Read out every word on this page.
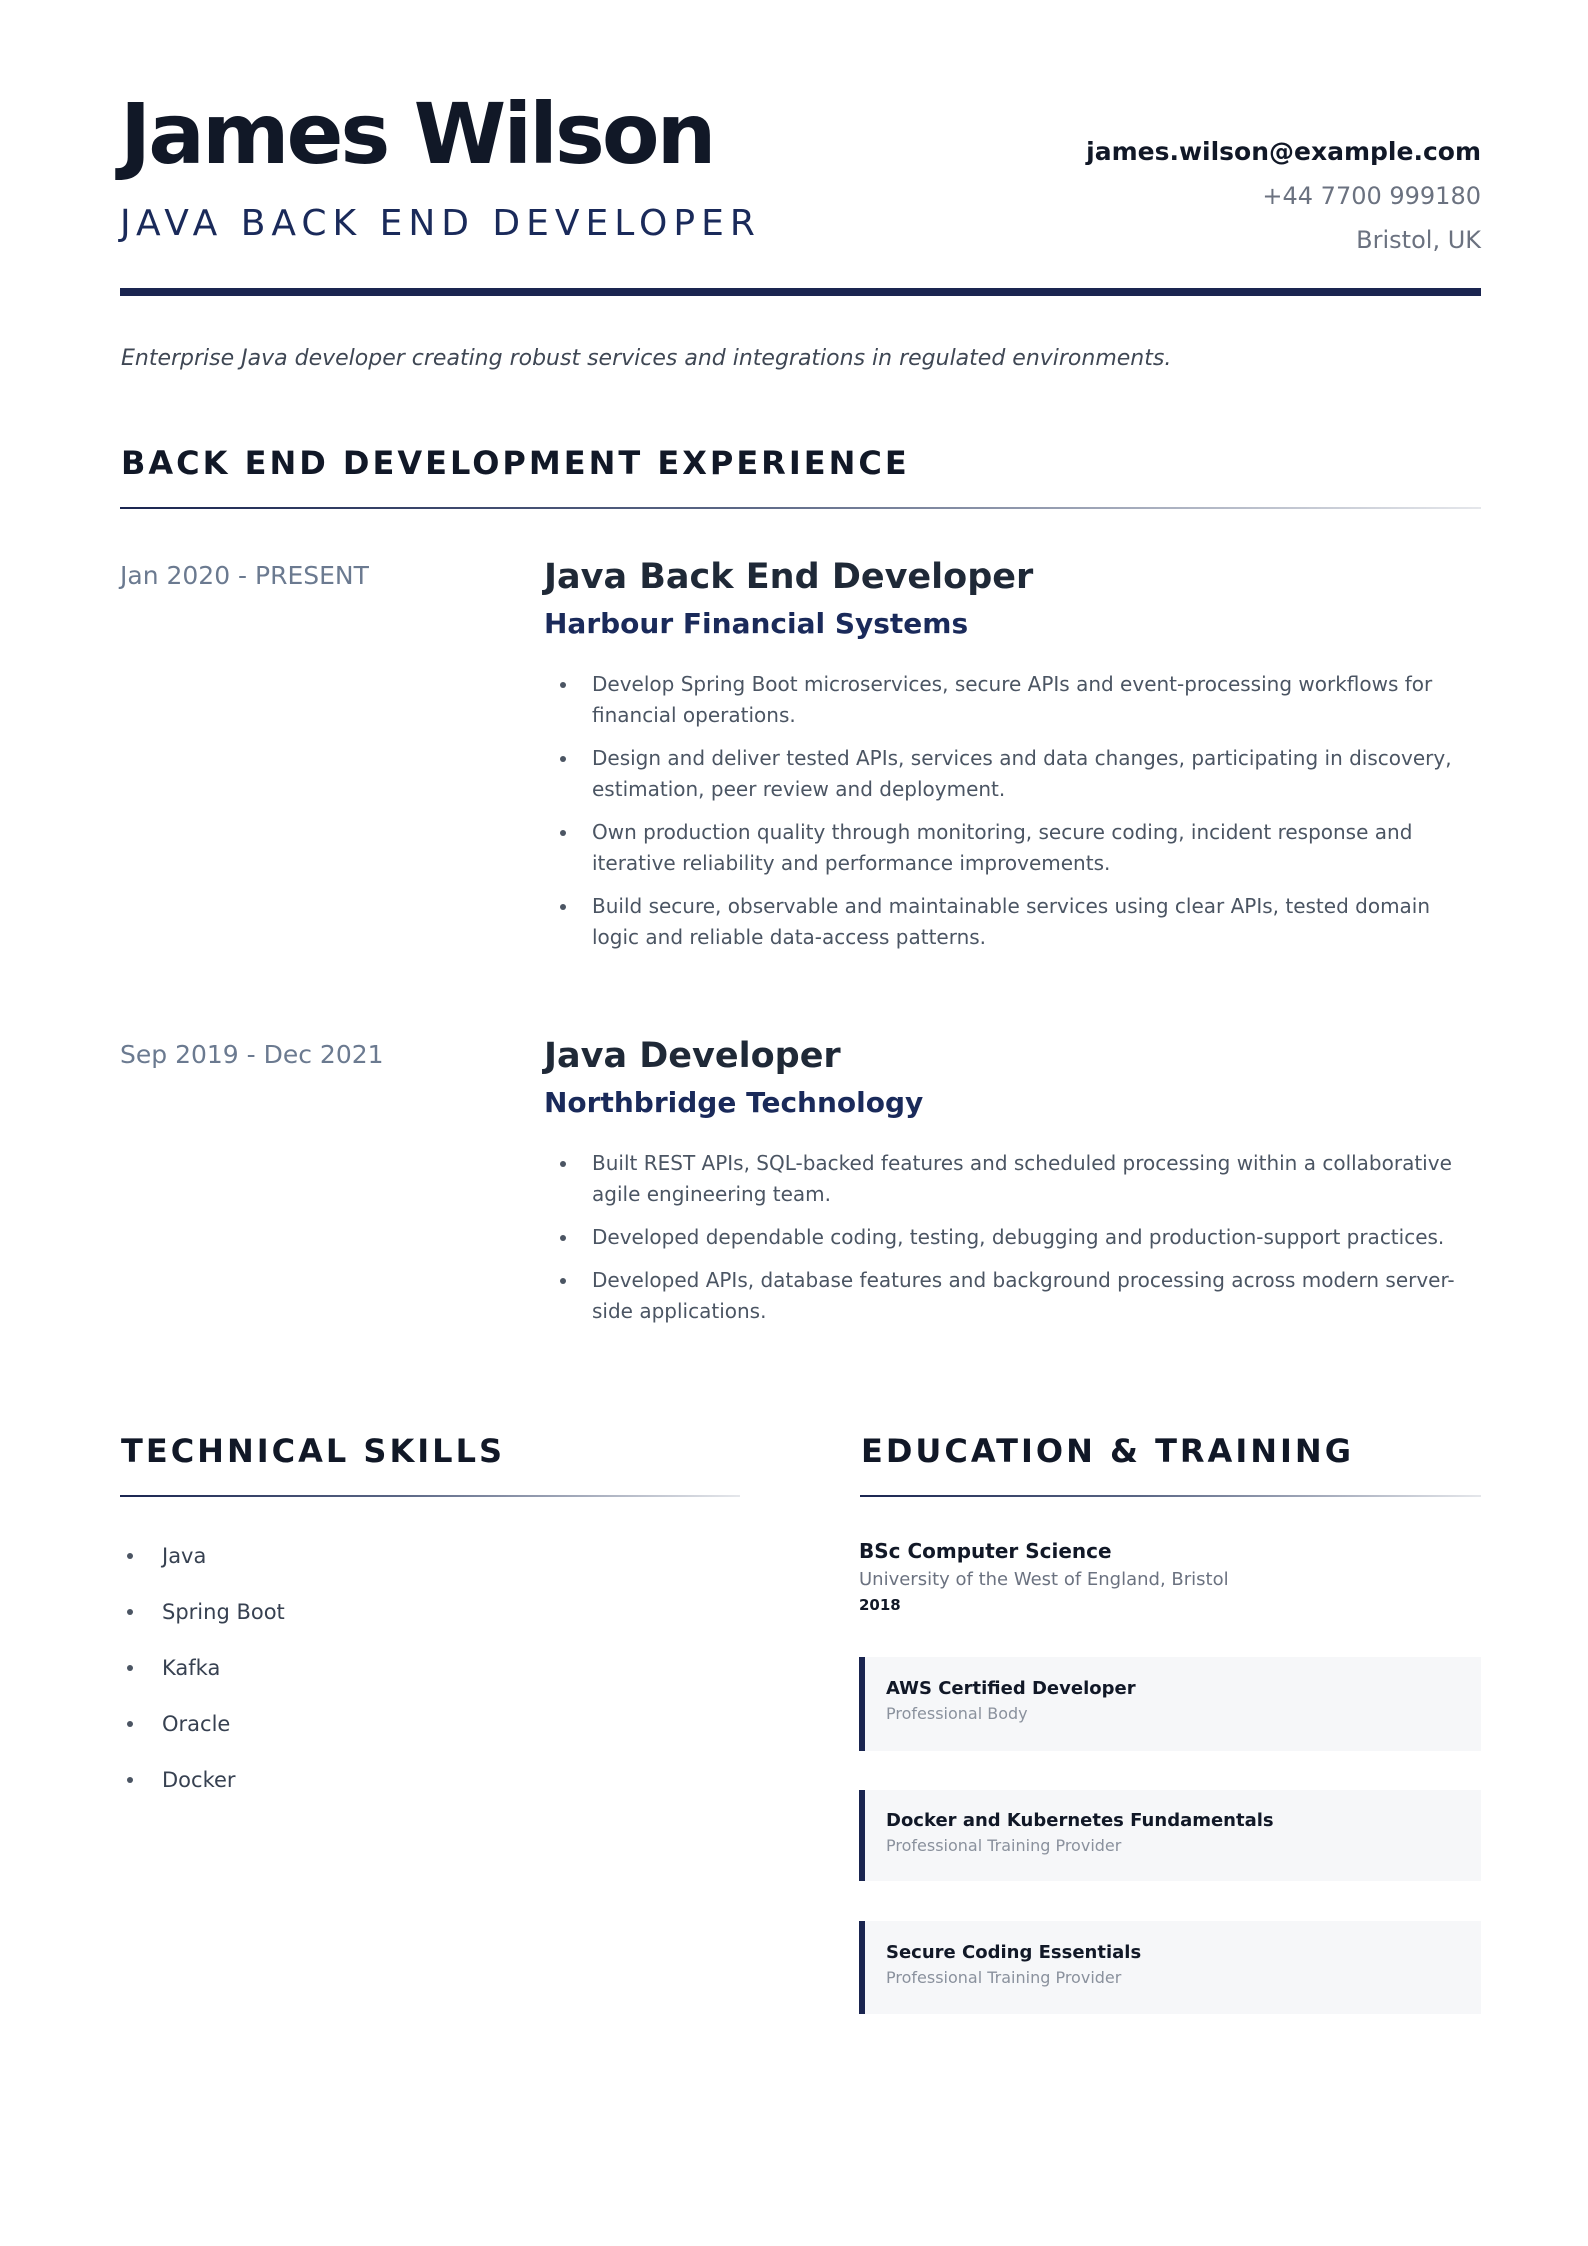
James Wilson
JAVA BACK END DEVELOPER
james.wilson@example.com
+44 7700 999180
Bristol, UK
Enterprise Java developer creating robust services and integrations in regulated environments.
BACK END DEVELOPMENT EXPERIENCE
Jan 2020 - PRESENT	Java Back End Developer
Harbour Financial Systems
Develop Spring Boot microservices, secure APIs and event-processing workflows for financial operations.
Design and deliver tested APIs, services and data changes, participating in discovery, estimation, peer review and deployment.
Own production quality through monitoring, secure coding, incident response and iterative reliability and performance improvements.
Build secure, observable and maintainable services using clear APIs, tested domain logic and reliable data-access patterns.
Sep 2019 - Dec 2021	Java Developer
Northbridge Technology
Built REST APIs, SQL-backed features and scheduled processing within a collaborative agile engineering team.
Developed dependable coding, testing, debugging and production-support practices.
Developed APIs, database features and background processing across modern server-side applications.
TECHNICAL SKILLS
Java
Spring Boot
Kafka
Oracle
Docker
EDUCATION & TRAINING
BSc Computer Science
University of the West of England, Bristol
2018
AWS Certified Developer
Professional Body
Docker and Kubernetes Fundamentals
Professional Training Provider
Secure Coding Essentials
Professional Training Provider
